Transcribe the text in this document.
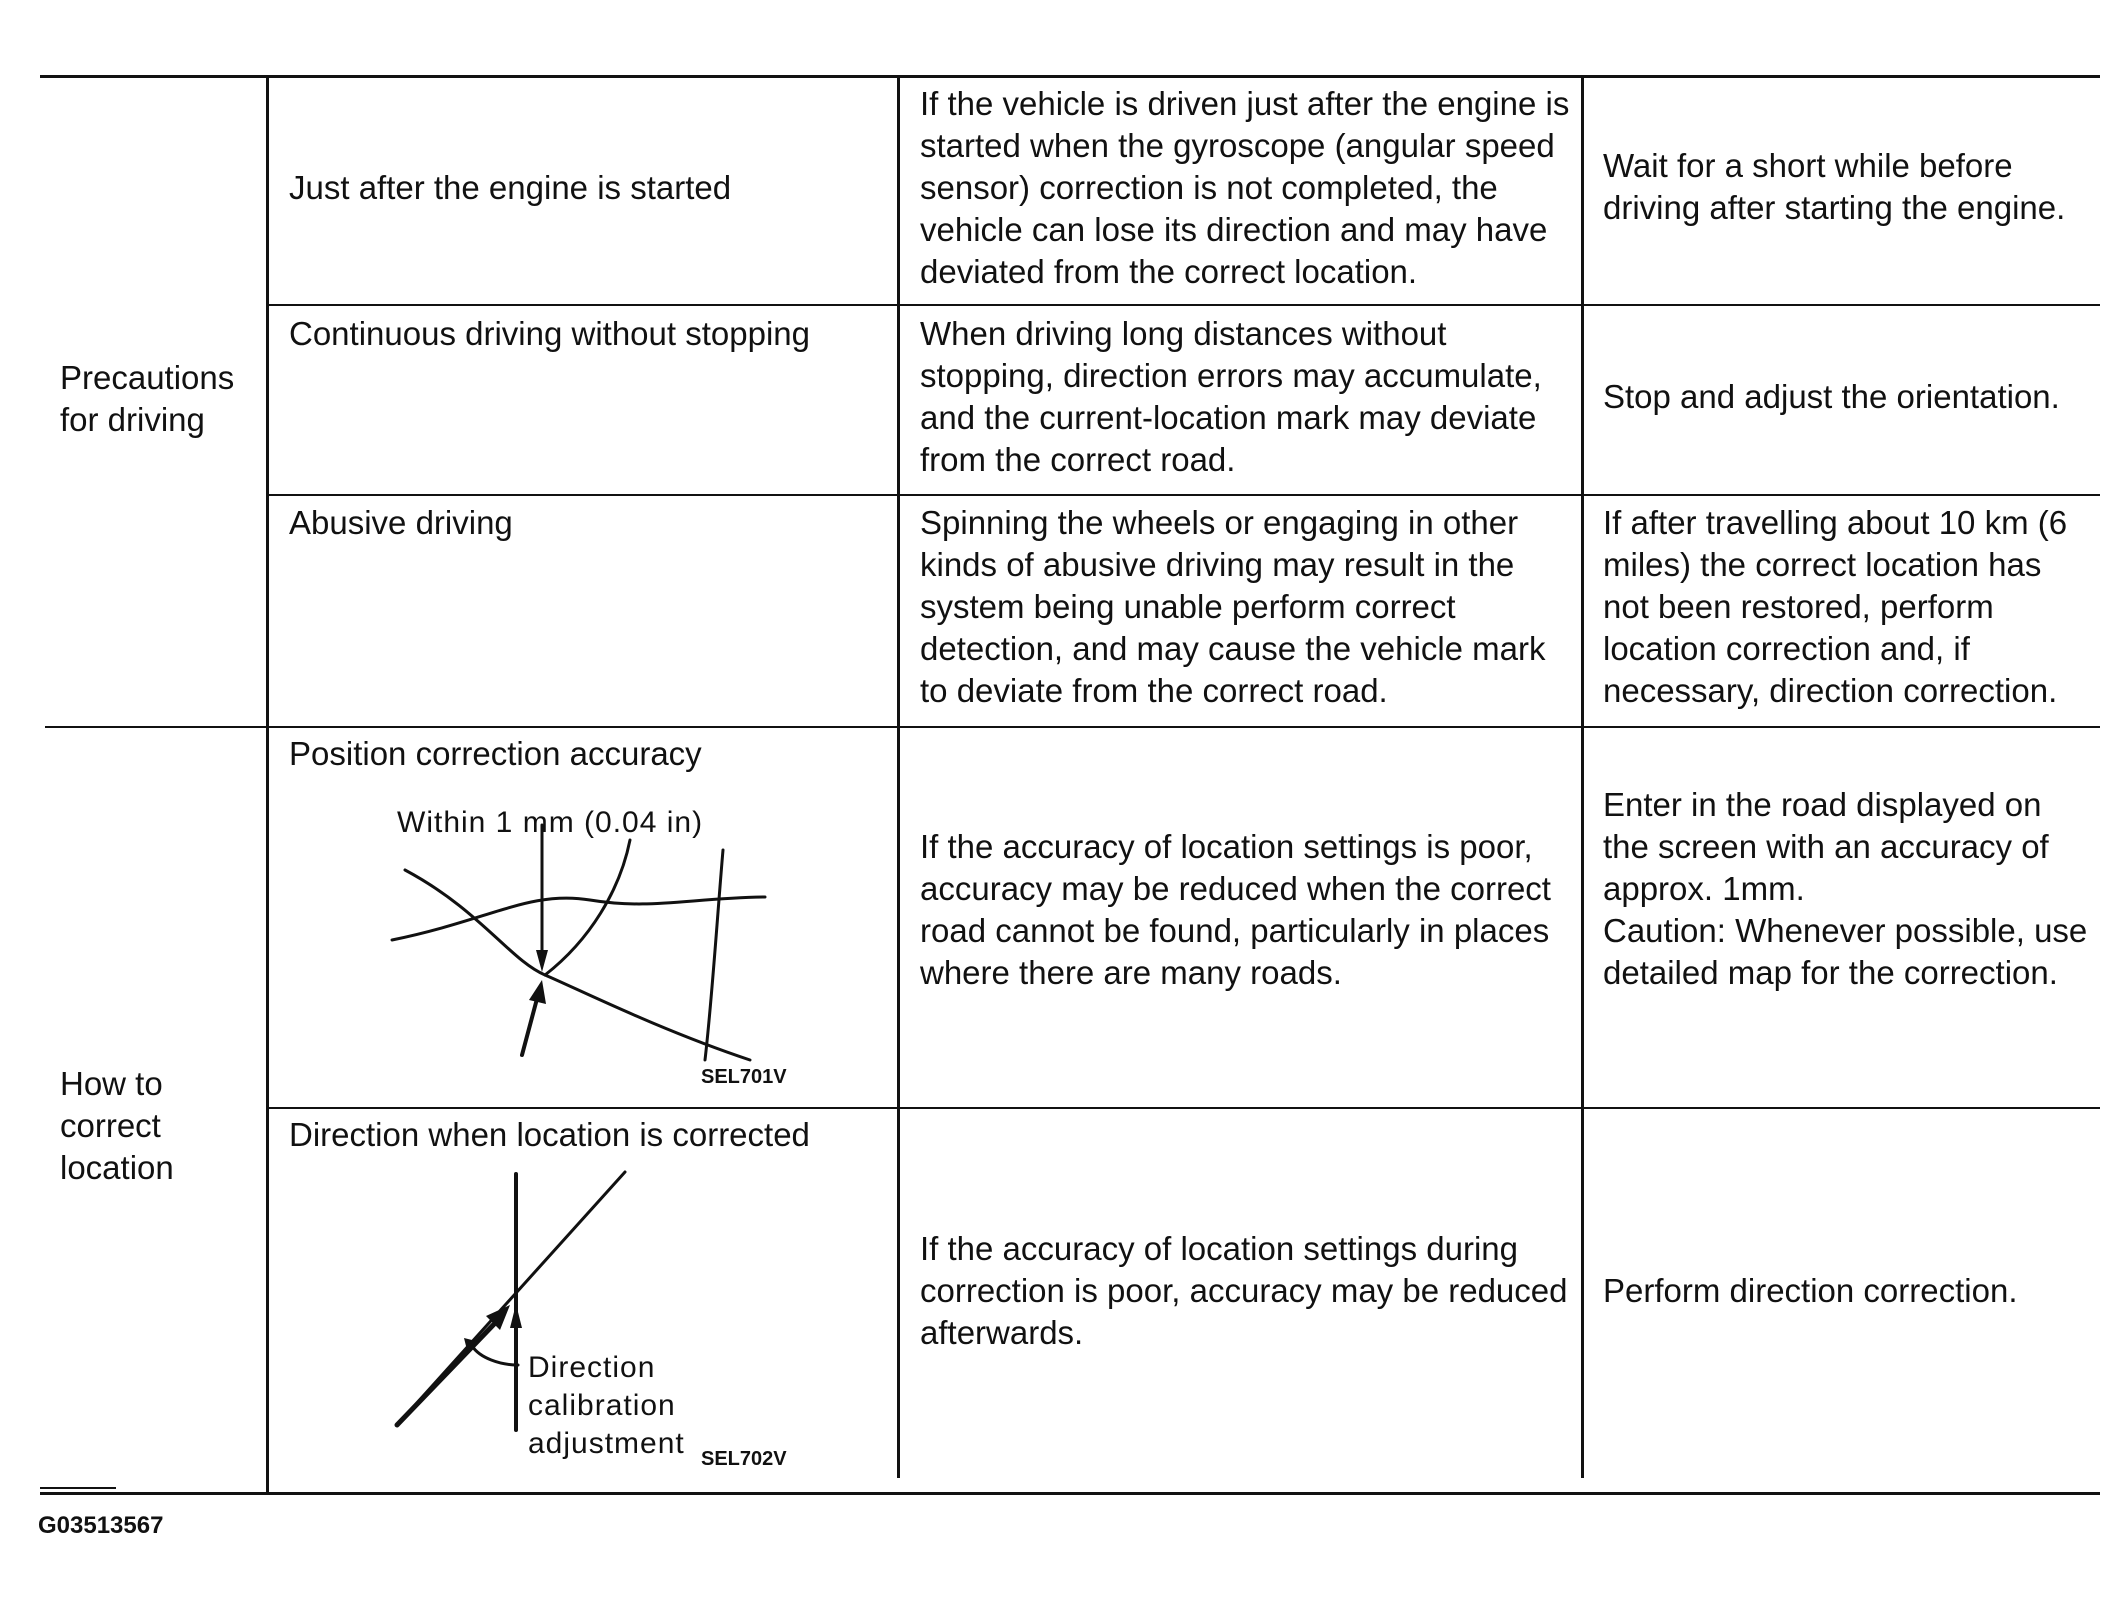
Precautions for driving
How to correct location
Just after the engine is started
If the vehicle is driven just after the engine is started when the gyroscope (angular speed sensor) correction is not completed, the vehicle can lose its direction and may have deviated from the correct location.
Wait for a short while before driving after starting the engine.
Continuous driving without stopping	When driving long distances without stopping, direction errors may accumulate, and the current-location mark may deviate from the correct road.
Stop and adjust the orientation.
Abusive driving	Spinning the wheels or engaging in other kinds of abusive driving may result in the system being unable perform correct detection, and may cause the vehicle mark to deviate from the correct road.
If after travelling about 10 km (6 miles) the correct location has not been restored, perform location correction and, if necessary, direction correction.
Position correction accuracy
Within 1 mm (0.04 in)
SEL701V
If the accuracy of location settings is poor, accuracy may be reduced when the correct road cannot be found, particularly in places where there are many roads.

Enter in the road displayed on the screen with an accuracy of approx. 1mm.

Caution: Whenever possible, use detailed map for the correction.

Direction when location is corrected
Direction calibration adjustment SEL702V
If the accuracy of location settings during correction is poor, accuracy may be reduced afterwards.
Perform direction correction.
G03513567
